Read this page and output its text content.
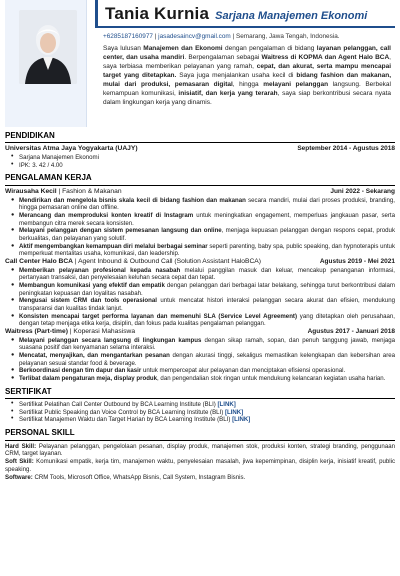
Tania Kurnia Sarjana Manajemen Ekonomi
+6285187160977 | jasadesaincv@gmail.com | Semarang, Jawa Tengah, Indonesia.
Saya lulusan Manajemen dan Ekonomi dengan pengalaman di bidang layanan pelanggan, call center, dan usaha mandiri. Berpengalaman sebagai Waitress di KOPMA dan Agent Halo BCA, saya terbiasa memberikan pelayanan yang ramah, cepat, dan akurat, serta mampu mencapai target yang ditetapkan. Saya juga menjalankan usaha kecil di bidang fashion dan makanan, mulai dari produksi, pemasaran digital, hingga melayani pelanggan langsung. Berbekal kemampuan komunikasi, inisiatif, dan kerja yang terarah, saya siap berkontribusi secara nyata dalam lingkungan kerja yang dinamis.
PENDIDIKAN
Universitas Atma Jaya Yogyakarta (UAJY)	September 2014 - Agustus 2018
• Sarjana Manajemen Ekonomi
• IPK: 3. 42 / 4.00
PENGALAMAN KERJA
Wirausaha Kecil | Fashion & Makanan	Juni 2022 - Sekarang
● Mendirikan dan mengelola bisnis skala kecil di bidang fashion dan makanan secara mandiri, mulai dari proses produksi, branding, hingga pemasaran online dan offline.
● Merancang dan memproduksi konten kreatif di Instagram untuk meningkatkan engagement, memperluas jangkauan pasar, serta membangun citra merek secara konsisten.
● Melayani pelanggan dengan sistem pemesanan langsung dan online, menjaga kepuasan pelanggan dengan respons cepat, produk berkualitas, dan pelayanan yang solutif.
● Aktif mengembangkan kemampuan diri melalui berbagai seminar seperti parenting, baby spa, public speaking, dan hypnoterapis untuk memperkuat mentalitas usaha, komunikasi, dan leadership.
Call Center Halo BCA | Agent Inbound & Outbound Call (Solution Assistant HaloBCA)	Agustus 2019 - Mei 2021
● Memberikan pelayanan profesional kepada nasabah melalui panggilan masuk dan keluar, mencakup penanganan informasi, pertanyaan transaksi, dan penyelesaian keluhan secara cepat dan tepat.
● Membangun komunikasi yang efektif dan empatik dengan pelanggan dari berbagai latar belakang, sehingga turut berkontribusi dalam peningkatan kepuasan dan loyalitas nasabah.
● Mengusai sistem CRM dan tools operasional untuk mencatat histori interaksi pelanggan secara akurat dan efisien, mendukung transparansi dan kualitas tindak lanjut.
● Konsisten mencapai target performa layanan dan memenuhi SLA (Service Level Agreement) yang ditetapkan oleh perusahaan, dengan tetap menjaga etika kerja, disiplin, dan fokus pada kualitas pengalaman pelanggan.
Waitress (Part-time) | Koperasi Mahasiswa	Agustus 2017 - Januari 2018
● Melayani pelanggan secara langsung di lingkungan kampus dengan sikap ramah, sopan, dan penuh tanggung jawab, menjaga suasana positif dan kenyamanan selama interaksi.
● Mencatat, menyajikan, dan mengantarkan pesanan dengan akurasi tinggi, sekaligus memastikan kelengkapan dan kebersihan area pelayanan sesuai standar food & beverage.
● Berkoordinasi dengan tim dapur dan kasir untuk mempercepat alur pelayanan dan menciptakan efisiensi operasional.
● Terlibat dalam pengaturan meja, display produk, dan pengendalian stok ringan untuk mendukung kelancaran kegiatan usaha harian.
SERTIFIKAT
• Sertifikat Pelatihan Call Center Outbound by BCA Learning Institute (BLI) [LINK]
• Sertifikat Public Speaking dan Voice Control by BCA Learning Institute (BLI) [LINK]
• Sertifikat Manajemen Waktu dan Target Harian by BCA Learning Institute (BLI) [LINK]
PERSONAL SKILL
Hard Skill: Pelayanan pelanggan, pengelolaan pesanan, display produk, manajemen stok, produksi konten, strategi branding, penggunaan CRM, target layanan.
Soft Skill: Komunikasi empatik, kerja tim, manajemen waktu, penyelesaian masalah, jiwa kepemimpinan, disiplin kerja, inisiatif kreatif, public speaking.
Software: CRM Tools, Microsoft Office, WhatsApp Bisnis, Call System, Instagram Bisnis.
